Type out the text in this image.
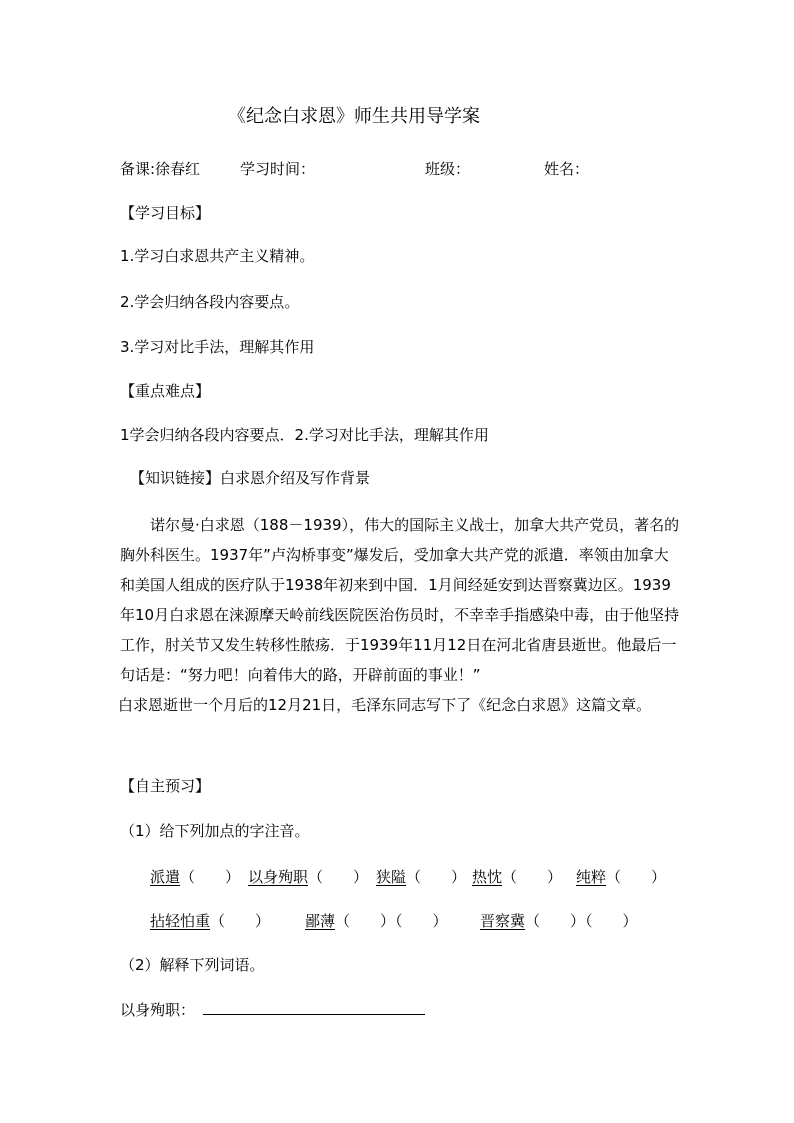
《纪念白求恩》师生共用导学案
备课:徐春红	学习时间：	班级：	姓名：
【学习目标】
1.学习白求恩共产主义精神。
2.学会归纳各段内容要点。
3.学习对比手法，理解其作用
【重点难点】
1学会归纳各段内容要点．2.学习对比手法，理解其作用
【知识链接】白求恩介绍及写作背景

诺尔曼·白求恩（188－1939），伟大的国际主义战士，加拿大共产党员，著名的胸外科医生。1937年”卢沟桥事变”爆发后，受加拿大共产党的派遣．率领由加拿大和美国人组成的医疗队于1938年初来到中国．1月间经延安到达晋察冀边区。1939年10月白求恩在涞源摩天岭前线医院医治伤员时，不幸幸手指感染中毒，由于他坚持工作，肘关节又发生转移性脓疡．于1939年11月12日在河北省唐县逝世。他最后一句话是：“努力吧！向着伟大的路，开辟前面的事业！”

白求恩逝世一个月后的12月21日，毛泽东同志写下了《纪念白求恩》这篇文章。

【自主预习】
（1）给下列加点的字注音。
派遣（　　） 以身殉职（　　） 狭隘（　　） 热忱（　　） 纯粹（　　）
拈轻怕重（　　） 鄙薄（　　）（　　） 晋察冀（　　）（　　）
（2）解释下列词语。
以身殉职：
